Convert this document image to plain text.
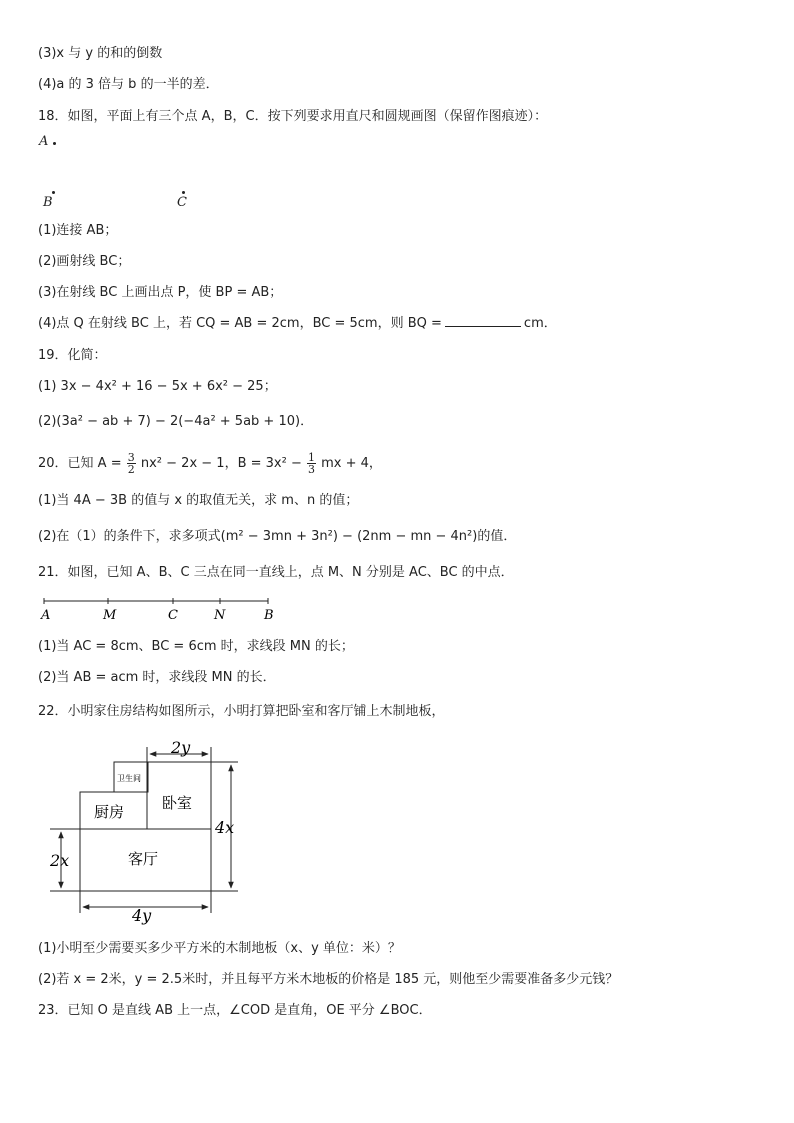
(3)x 与 y 的和的倒数
(4)a 的 3 倍与 b 的一半的差．
18．如图，平面上有三个点 A，B，C．按下列要求用直尺和圆规画图（保留作图痕迹）：
A
B	C
(1)连接 AB；
(2)画射线 BC；
(3)在射线 BC 上画出点 P，使 BP = AB；
(4)点 Q 在射线 BC 上，若 CQ = AB = 2cm，BC = 5cm，则 BQ =	cm．
19．化简：
(1) 3x − 4x² + 16 − 5x + 6x² − 25；
(2)(3a² − ab + 7) − 2(−4a² + 5ab + 10)．
20．已知 $A = \frac{3}{2} nx^2 - 2x - 1$，$B = 3x^2 - \frac{1}{3}$ mx + 4，
(1)当 4A − 3B 的值与 x 的取值无关，求 m、n 的值；
(2)在（1）的条件下，求多项式(m² − 3mn + 3n²) − (2nm − mn − 4n²)的值．
21．如图，已知 A、B、C 三点在同一直线上，点 M、N 分别是 AC、BC 的中点．
A	M	C	N	B
(1)当 AC = 8cm、BC = 6cm 时，求线段 MN 的长；
(2)当 AB = acm 时，求线段 MN 的长．
22．小明家住房结构如图所示，小明打算把卧室和客厅铺上木制地板，
2y
卫生间
厨房	卧室
客厅
4x
2x
4y
(1)小明至少需要买多少平方米的木制地板（x、y 单位：米）？
(2)若 x = 2米，y = 2.5米时，并且每平方米木地板的价格是 185 元，则他至少需要准备多少元钱？
23．已知 O 是直线 AB 上一点，∠COD 是直角，OE 平分 ∠BOC．
